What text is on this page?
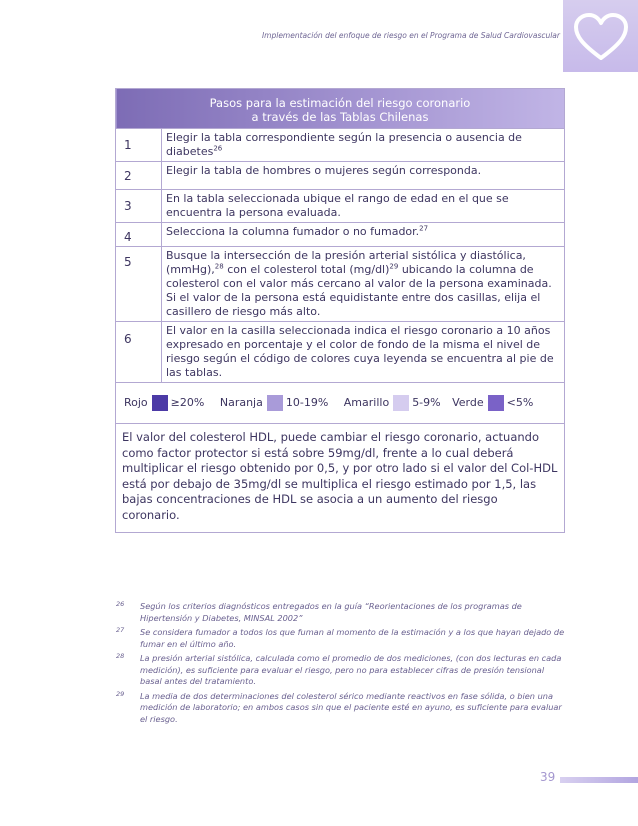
Implementación del enfoque de riesgo en el Programa de Salud Cardiovascular
Pasos para la estimación del riesgo coronario
a través de las Tablas Chilenas	

1	Elegir la tabla correspondiente según la presencia o ausencia de diabetes$^{26}$
2	Elegir la tabla de hombres o mujeres según corresponda.
3	En la tabla seleccionada ubique el rango de edad en el que se encuentra la persona evaluada.
4	Selecciona la columna fumador o no fumador.$^{27}$
5	Busque la intersección de la presión arterial sistólica y diastólica, (mmHg),$^{28}$ con el colesterol total $(mg/dl)^{29}$ ubicando la columna de colesterol con el valor más cercano al valor de la persona examinada. Si el valor de la persona está equidistante entre dos casillas, elija el casillero de riesgo más alto.
6	El valor en la casilla seleccionada indica el riesgo coronario a 10 años expresado en porcentaje y el color de fondo de la misma el nivel de riesgo según el código de colores cuya leyenda se encuentra al pie de las tablas.
Rojo ≥20% Naranja 10-19% Amarillo 5-9% Verde <5%	
El valor del colesterol HDL, puede cambiar el riesgo coronario, actuando como factor protector si está sobre 59mg/dl, frente a lo cual deberá multiplicar el riesgo obtenido por 0,5, y por otro lado si el valor del Col-HDL está por debajo de 35mg/dl se multiplica el riesgo estimado por 1,5, las bajas concentraciones de HDL se asocia a un aumento del riesgo coronario.	
26 Según los criterios diagnósticos entregados en la guía “Reorientaciones de los programas de Hipertensión y Diabetes, MINSAL 2002”
27 Se considera fumador a todos los que fuman al momento de la estimación y a los que hayan dejado de fumar en el último año.
28 La presión arterial sistólica, calculada como el promedio de dos mediciones, (con dos lecturas en cada medición), es suficiente para evaluar el riesgo, pero no para establecer cifras de presión tensional basal antes del tratamiento.
29 La media de dos determinaciones del colesterol sérico mediante reactivos en fase sólida, o bien una medición de laboratorio; en ambos casos sin que el paciente esté en ayuno, es suficiente para evaluar el riesgo.
39
